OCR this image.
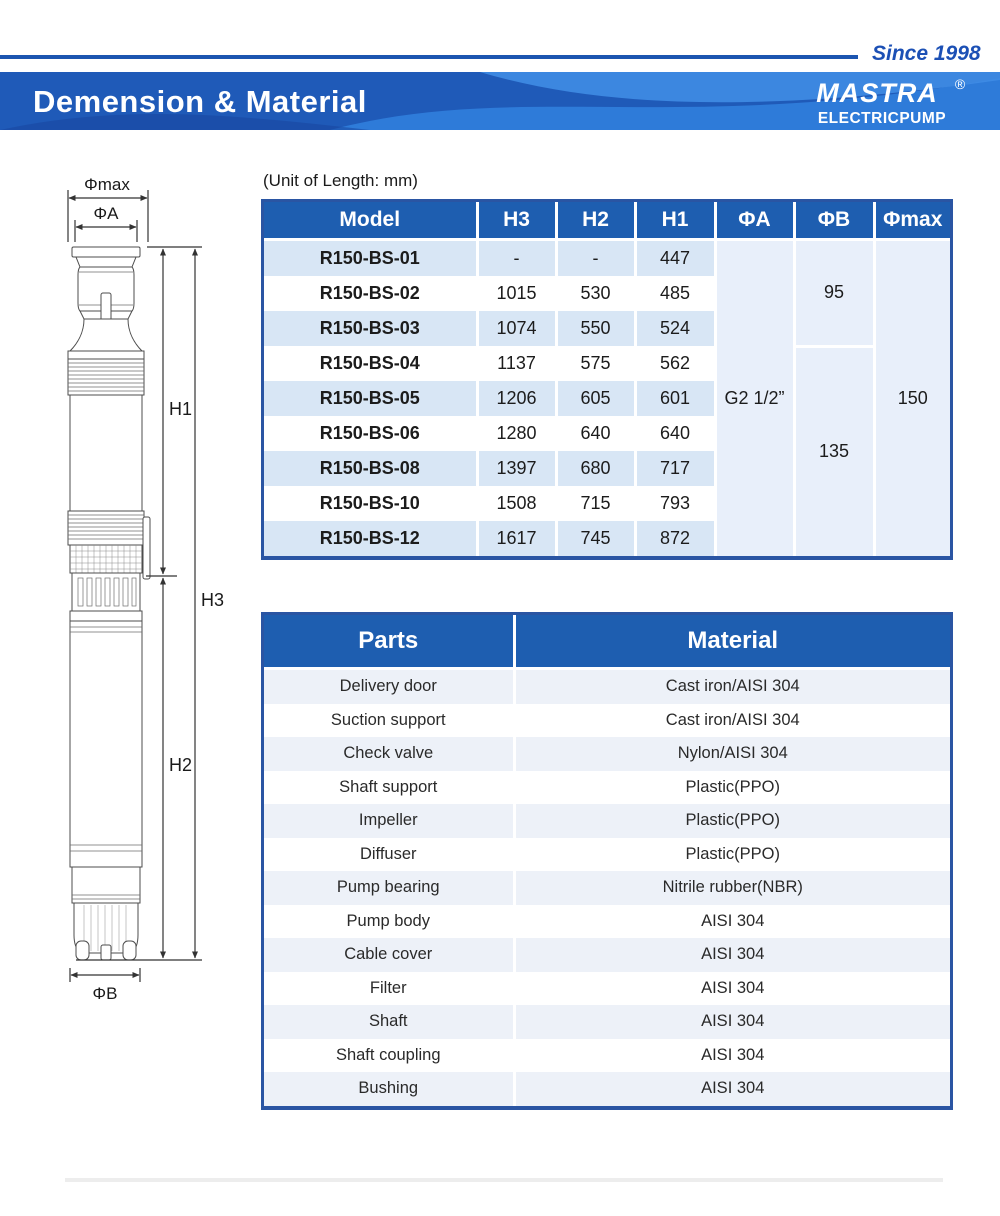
Since 1998
Demension & Material	MASTRA ®
ELECTRICPUMP
(Unit of Length: mm)
Φmax
ΦA
H1
H2
H3
ΦB
Model	H3	H2	H1	ΦA	ΦB	Φmax
R150-BS-01	-	-	447	G2 1/2”	95	150
R150-BS-02	1015	530	485			
R150-BS-03	1074	550	524			
R150-BS-04	1137	575	562		135	
R150-BS-05	1206	605	601			
R150-BS-06	1280	640	640			
R150-BS-08	1397	680	717			
R150-BS-10	1508	715	793			
R150-BS-12	1617	745	872			
Parts	Material
Delivery door	Cast iron/AISI 304
Suction support	Cast iron/AISI 304
Check valve	Nylon/AISI 304
Shaft support	Plastic(PPO)
Impeller	Plastic(PPO)
Diffuser	Plastic(PPO)
Pump bearing	Nitrile rubber(NBR)
Pump body	AISI 304
Cable cover	AISI 304
Filter	AISI 304
Shaft	AISI 304
Shaft coupling	AISI 304
Bushing	AISI 304
